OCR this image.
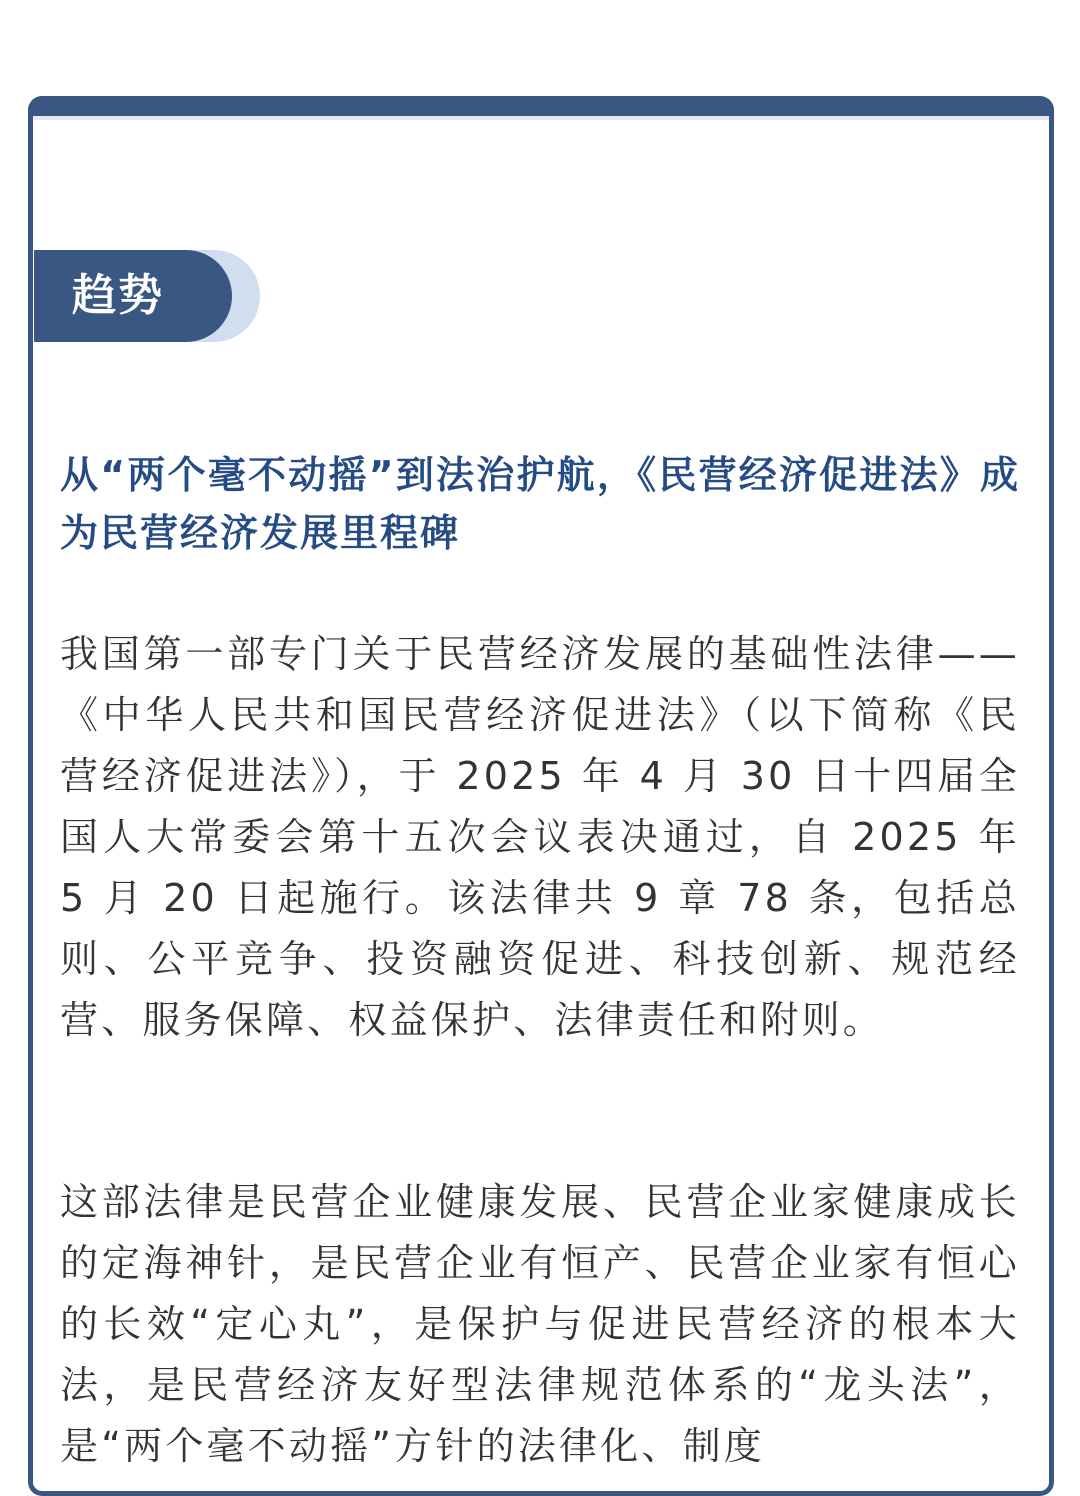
趋势
从“两个毫不动摇”到法治护航，《民营经济促进法》成为民营经济发展里程碑

我国第一部专门关于民营经济发展的基础性法律——《中华人民共和国民营经济促进法》（以下简称《民营经济促进法》），于 2025 年 4 月 30 日十四届全国人大常委会第十五次会议表决通过，自 2025 年 5 月 20 日起施行。该法律共 9 章 78 条，包括总则、公平竞争、投资融资促进、科技创新、规范经营、服务保障、权益保护、法律责任和附则。

这部法律是民营企业健康发展、民营企业家健康成长的定海神针，是民营企业有恒产、民营企业家有恒心的长效“定心丸”，是保护与促进民营经济的根本大法，是民营经济友好型法律规范体系的“龙头法”，是“两个毫不动摇”方针的法律化、制度
